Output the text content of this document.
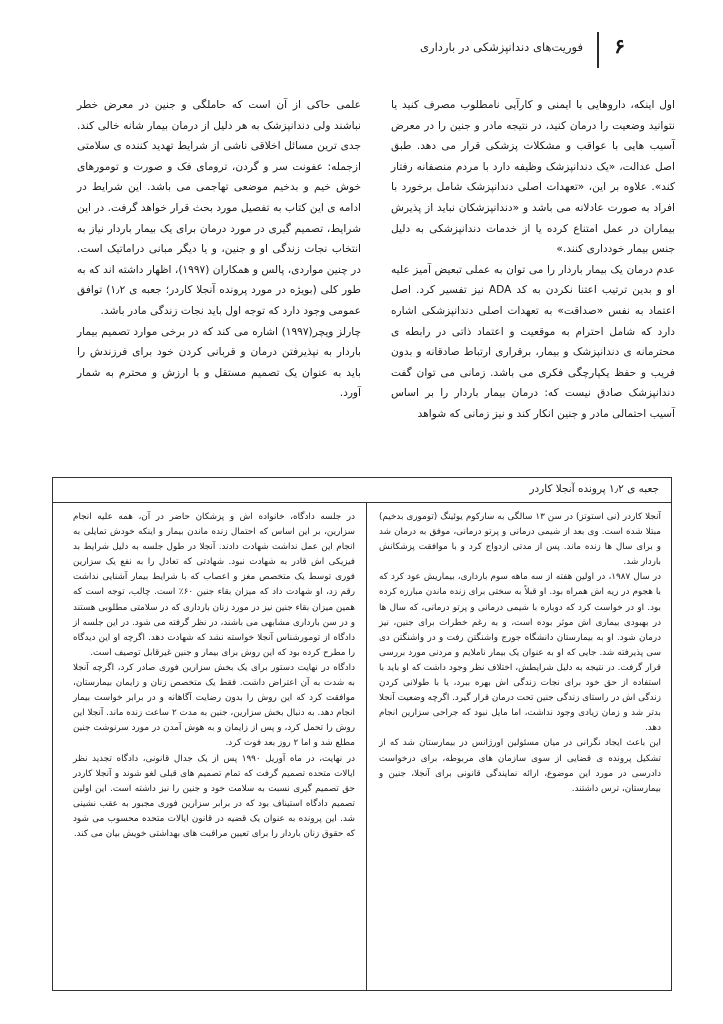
۶
فوریت‌های دندانپزشکی در بارداری

اول اینکه، داروهایی با ایمنی و کارآیی نامطلوب مصرف کنید یا نتوانید وضعیت را درمان کنید، در نتیجه مادر و جنین را در معرض آسیب هایی با عواقب و مشکلات پزشکی قرار می دهد. طبق اصل عدالت، «یک دندانپزشک وظیفه دارد با مردم منصفانه رفتار کند». علاوه بر این، «تعهدات اصلی دندانپزشک شامل برخورد با افراد به صورت عادلانه می باشد و «دندانپزشکان نباید از پذیرش بیماران در عمل امتناع کرده یا از خدمات دندانپزشکی به دلیل جنس بیمار خودداری کنند.»

عدم درمان یک بیمار باردار را می توان به عملی تبعیض آمیز علیه او و بدین ترتیب اعتنا نکردن به کد ADA نیز تفسیر کرد. اصل اعتماد به نفس «صداقت» به تعهدات اصلی دندانپزشکی اشاره دارد که شامل احترام به موقعیت و اعتماد ذاتی در رابطه ی محترمانه ی دندانپزشک و بیمار، برقراری ارتباط صادقانه و بدون فریب و حفظ یکپارچگی فکری می باشد. زمانی می توان گفت دندانپزشک صادق نیست که: درمان بیمار باردار را بر اساس آسیب احتمالی مادر و جنین انکار کند و نیز زمانی که شواهد

علمی حاکی از آن است که حاملگی و جنین در معرض خطر نباشند ولی دندانپزشک به هر دلیل از درمان بیمار شانه خالی کند. جدی ترین مسائل اخلاقی ناشی از شرایط تهدید کننده ی سلامتی ازجمله: عفونت سر و گردن، ترومای فک و صورت و تومورهای خوش خیم و بدخیم موضعی تهاجمی می باشد. این شرایط در ادامه ی این کتاب به تفصیل مورد بحث قرار خواهد گرفت. در این شرایط، تصمیم گیری در مورد درمان برای یک بیمار باردار نیاز به انتخاب نجات زندگی او و جنین، و یا دیگر مبانی دراماتیک است. در چنین مواردی، پالس و همکاران (۱۹۹۷)، اظهار داشته اند که به طور کلی (بویژه در مورد پرونده آنجلا کاردر؛ جعبه ی ۱٫۲) توافق عمومی وجود دارد که توجه اول باید نجات زندگی مادر باشد.

چارلز ویچر(۱۹۹۷) اشاره می کند که در برخی موارد تصمیم بیمار باردار به نپذیرفتن درمان و قربانی کردن خود برای فرزندش را باید به عنوان یک تصمیم مستقل و با ارزش و محترم به شمار آورد.

جعبه ی ۱٫۲ پرونده آنجلا کاردر

آنجلا کاردر (نی استوتز) در سن ۱۳ سالگی به سارکوم یوئینگ (توموری بدخیم) مبتلا شده است. وی بعد از شیمی درمانی و پرتو درمانی، موفق به درمان شد و برای سال ها زنده ماند. پس از مدتی ازدواج کرد و با موافقت پزشکانش باردار شد.

در سال ۱۹۸۷، در اولین هفته از سه ماهه سوم بارداری، بیماریش عود کرد که با هجوم در ریه اش همراه بود. او قبلاً به سختی برای زنده ماندن مبارزه کرده بود. او در خواست کرد که دوباره با شیمی درمانی و پرتو درمانی، که سال ها در بهبودی بیماری اش موثر بوده است، و به رغم خطرات برای جنین، نیز درمان شود. او به بیمارستان دانشگاه جورج واشنگتن رفت و در واشنگتن دی سی پذیرفته شد. جایی که او به عنوان یک بیمار ناملایم و مردنی مورد بررسی قرار گرفت. در نتیجه به دلیل شرایطش، اختلاف نظر وجود داشت که او باید با استفاده از حق خود برای نجات زندگی اش بهره ببرد، یا با طولانی کردن زندگی اش در راستای زندگی جنین تحت درمان قرار گیرد. اگرچه وضعیت آنجلا بدتر شد و زمان زیادی وجود نداشت، اما مایل نبود که جراحی سزارین انجام دهد.

این باعث ایجاد نگرانی در میان مسئولین اورژانس در بیمارستان شد که از تشکیل پرونده ی قضایی از سوی سازمان های مربوطه، برای درخواست دادرسی در مورد این موضوع، ارائه نمایندگی قانونی برای آنجلا، جنین و بیمارستان، ترس داشتند.

در جلسه دادگاه، خانواده اش و پزشکان حاضر در آن، همه علیه انجام سزارین، بر این اساس که احتمال زنده ماندن بیمار و اینکه خودش تمایلی به انجام این عمل نداشت شهادت دادند. آنجلا در طول جلسه به دلیل شرایط بد فیزیکی اش قادر به شهادت نبود. شهادتی که تعادل را به نفع یک سزارین فوری توسط یک متخصص مغز و اعصاب که با شرایط بیمار آشنایی نداشت رقم زد، او شهادت داد که میزان بقاء جنین ۶۰٪ است. چالب، توجه است که همین میزان بقاء جنین نیز در مورد زنان بارداری که در سلامتی مطلوبی هستند و در سن بارداری مشابهی می باشند، در نظر گرفته می شود. در این جلسه از دادگاه از تومورشناس آنجلا خواسته نشد که شهادت دهد. اگرچه او این دیدگاه را مطرح کرده بود که این روش برای بیمار و جنین غیرقابل توصیف است.

دادگاه در نهایت دستور برای یک بخش سزارین فوری صادر کرد، اگرچه آنجلا به شدت به آن اعتراض داشت. فقط یک متخصص زنان و زایمان بیمارستان، موافقت کرد که این روش را بدون رضایت آگاهانه و در برابر خواست بیمار انجام دهد. به دنبال بخش سزارین، جنین به مدت ۲ ساعت زنده ماند. آنجلا این روش را تحمل کرد، و پس از زایمان و به هوش آمدن در مورد سرنوشت جنین مطلع شد و اما ۲ روز بعد فوت کرد.

در نهایت، در ماه آوریل ۱۹۹۰ پس از یک جدال قانونی، دادگاه تجدید نظر ایالات متحده تصمیم گرفت که تمام تصمیم های قبلی لغو شوند و آنجلا کاردر حق تصمیم گیری نسبت به سلامت خود و جنین را نیز داشته است. این اولین تصمیم دادگاه استیناف بود که در برابر سزارین فوری مجبور به عقب نشینی شد. این پرونده به عنوان یک قضیه در قانون ایالات متحده محسوب می شود که حقوق زنان باردار را برای تعیین مراقبت های بهداشتی خویش بیان می کند.
